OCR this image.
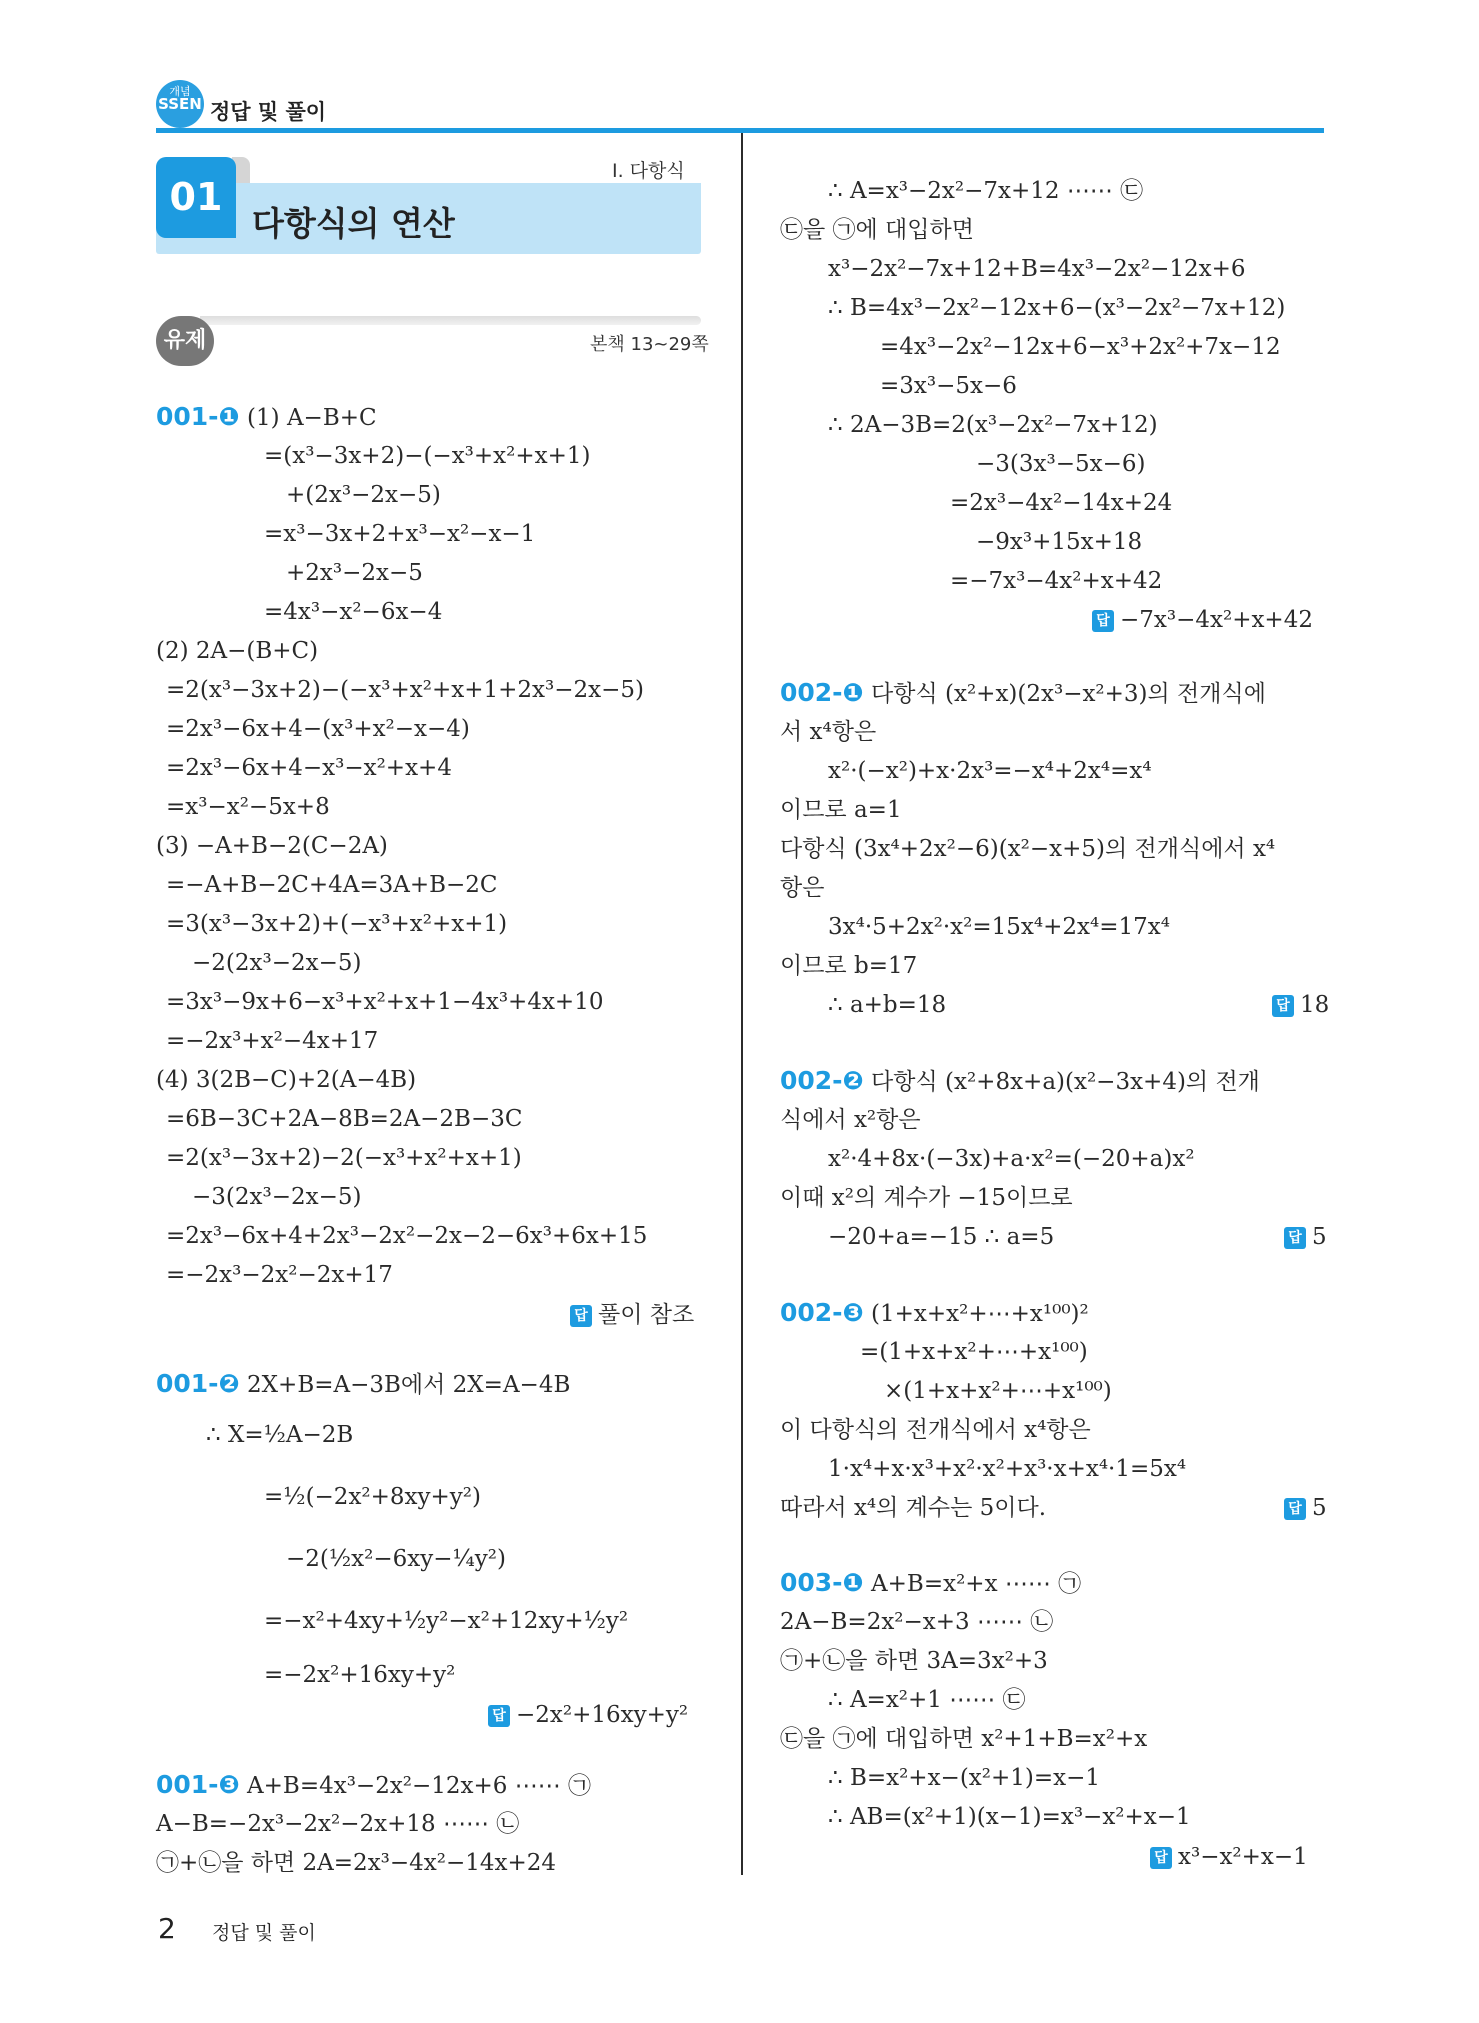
개념
SSEN 정답 및 풀이
01
Ⅰ. 다항식
다항식의 연산
유제	본책 13~29쪽
001-❶ (1) A−B+C
=(x³−3x+2)−(−x³+x²+x+1)
+(2x³−2x−5)
=x³−3x+2+x³−x²−x−1
+2x³−2x−5
=4x³−x²−6x−4
(2) 2A−(B+C)
=2(x³−3x+2)−(−x³+x²+x+1+2x³−2x−5)
=2x³−6x+4−(x³+x²−x−4)
=2x³−6x+4−x³−x²+x+4
=x³−x²−5x+8
(3) −A+B−2(C−2A)
=−A+B−2C+4A=3A+B−2C
=3(x³−3x+2)+(−x³+x²+x+1)
−2(2x³−2x−5)
=3x³−9x+6−x³+x²+x+1−4x³+4x+10
=−2x³+x²−4x+17
(4) 3(2B−C)+2(A−4B)
=6B−3C+2A−8B=2A−2B−3C
=2(x³−3x+2)−2(−x³+x²+x+1)
−3(2x³−2x−5)
=2x³−6x+4+2x³−2x²−2x−2−6x³+6x+15
=−2x³−2x²−2x+17
답 풀이 참조
001-❷ 2X+B=A−3B에서 2X=A−4B
∴ X=½A−2B
=½(−2x²+8xy+y²)
−2(½x²−6xy−¼y²)
=−x²+4xy+½y²−x²+12xy+½y²
=−2x²+16xy+y²
답 −2x²+16xy+y²
001-❸ A+B=4x³−2x²−12x+6 ⋯⋯ ㉠
A−B=−2x³−2x²−2x+18 ⋯⋯ ㉡
㉠+㉡을 하면 2A=2x³−4x²−14x+24
∴ A=x³−2x²−7x+12 ⋯⋯ ㉢
㉢을 ㉠에 대입하면
x³−2x²−7x+12+B=4x³−2x²−12x+6
∴ B=4x³−2x²−12x+6−(x³−2x²−7x+12)
=4x³−2x²−12x+6−x³+2x²+7x−12
=3x³−5x−6
∴ 2A−3B=2(x³−2x²−7x+12)
−3(3x³−5x−6)
=2x³−4x²−14x+24
−9x³+15x+18
=−7x³−4x²+x+42
답 −7x³−4x²+x+42
002-❶ 다항식 (x²+x)(2x³−x²+3)의 전개식에
서 x⁴항은
x²·(−x²)+x·2x³=−x⁴+2x⁴=x⁴
이므로 a=1
다항식 (3x⁴+2x²−6)(x²−x+5)의 전개식에서 x⁴
항은
3x⁴·5+2x²·x²=15x⁴+2x⁴=17x⁴
이므로 b=17
∴ a+b=18	답 18
002-❷ 다항식 (x²+8x+a)(x²−3x+4)의 전개
식에서 x²항은
x²·4+8x·(−3x)+a·x²=(−20+a)x²
이때 x²의 계수가 −15이므로
−20+a=−15 ∴ a=5	답 5
002-❸ (1+x+x²+⋯+x¹⁰⁰)²
=(1+x+x²+⋯+x¹⁰⁰)
×(1+x+x²+⋯+x¹⁰⁰)
이 다항식의 전개식에서 x⁴항은
1·x⁴+x·x³+x²·x²+x³·x+x⁴·1=5x⁴
따라서 x⁴의 계수는 5이다.	답 5
003-❶ A+B=x²+x ⋯⋯ ㉠
2A−B=2x²−x+3 ⋯⋯ ㉡
㉠+㉡을 하면 3A=3x²+3
∴ A=x²+1 ⋯⋯ ㉢
㉢을 ㉠에 대입하면 x²+1+B=x²+x
∴ B=x²+x−(x²+1)=x−1
∴ AB=(x²+1)(x−1)=x³−x²+x−1
답 x³−x²+x−1
2 정답 및 풀이
